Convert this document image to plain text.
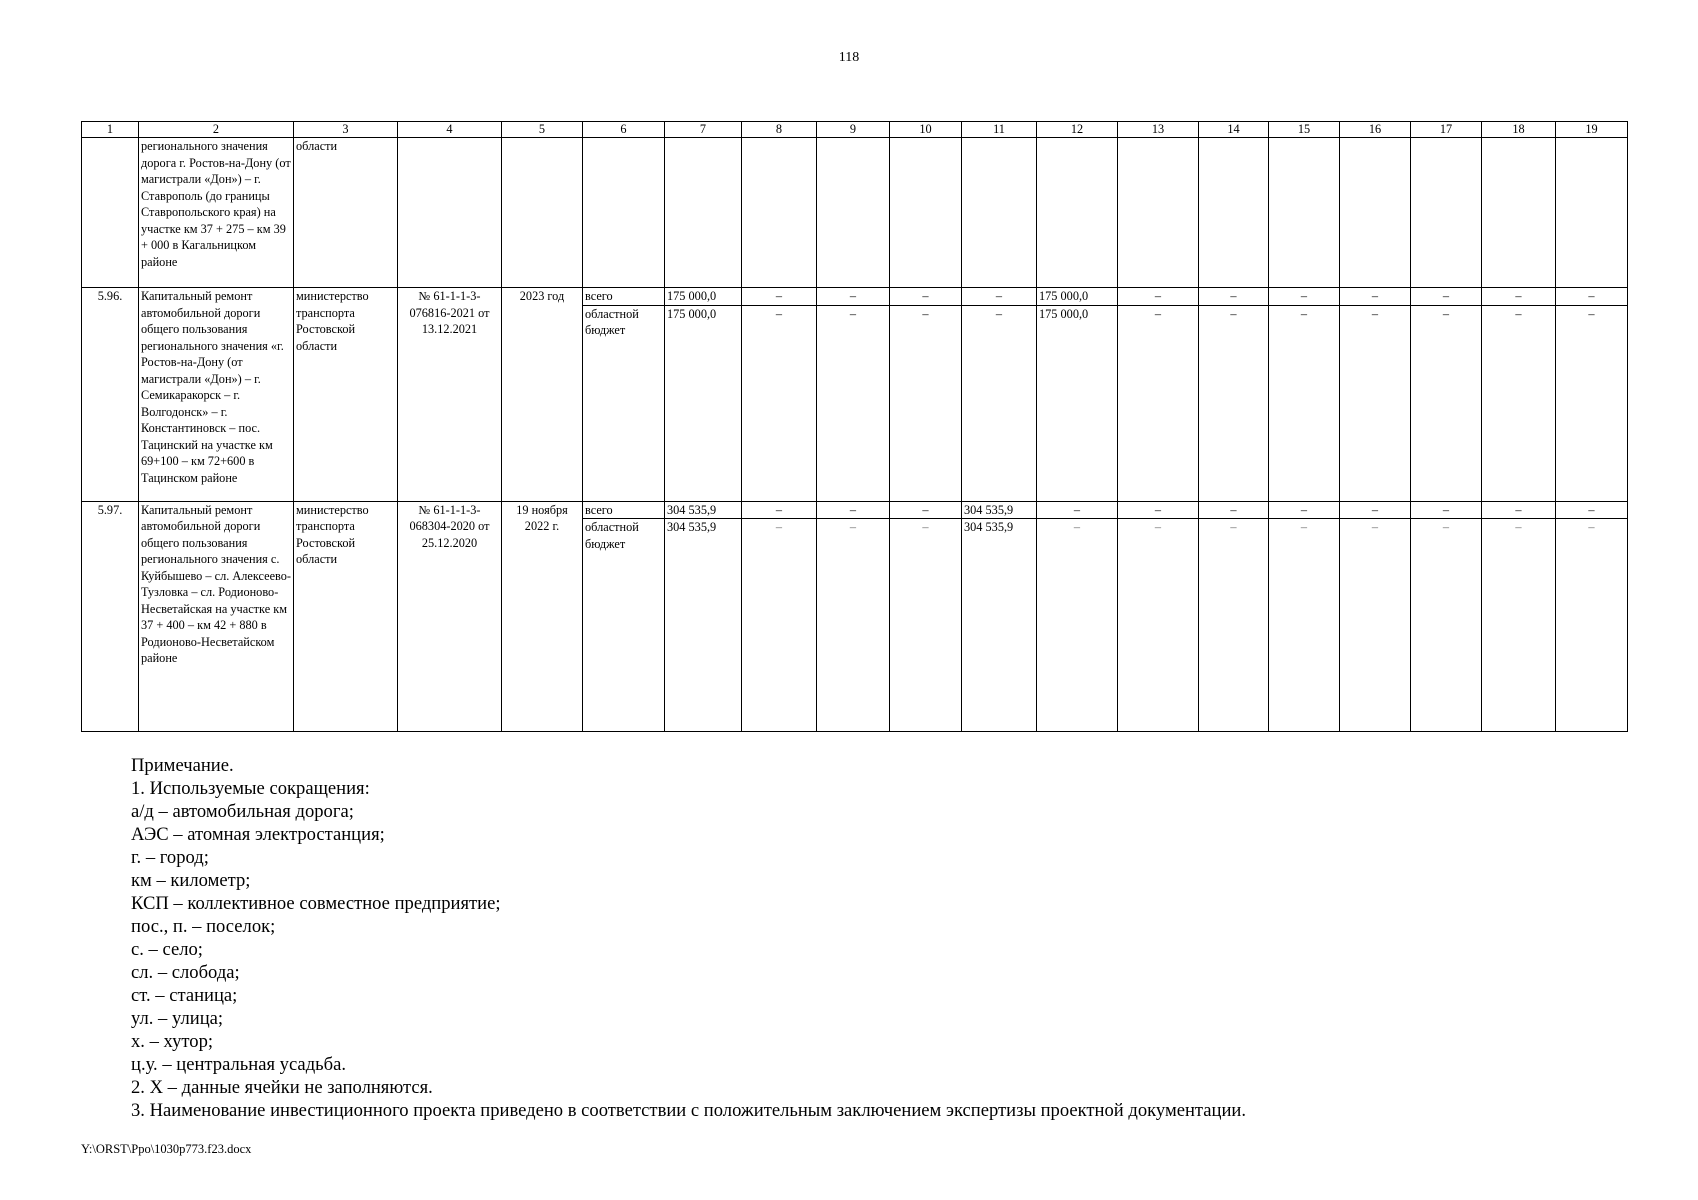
118
1	2	3	4	5	6	7	8	9	10	11	12	13	14	15	16	17	18	19
	регионального значения дорога г. Ростов-на-Дону (от магистрали «Дон») – г. Ставрополь (до границы Ставропольского края) на участке км 37 + 275 – км 39 + 000 в Кагальницком районе	области																
5.96.	Капитальный ремонт автомобильной дороги общего пользования регионального значения «г. Ростов-на-Дону (от магистрали «Дон») – г. Семикаракорск – г. Волгодонск» – г. Константиновск – пос. Тацинский на участке км 69+100 – км 72+600 в Тацинском районе	министерство транспорта Ростовской области	№ 61-1-1-3-076816-2021 от 13.12.2021	2023 год	всего	175 000,0	–	–	–	–	175 000,0	–	–	–	–	–	–	–
					областной бюджет	175 000,0	–	–	–	–	175 000,0	–	–	–	–	–	–	–
5.97.	Капитальный ремонт автомобильной дороги общего пользования регионального значения с. Куйбышево – сл. Алексеево-Тузловка – сл. Родионово-Несветайская на участке км 37 + 400 – км 42 + 880 в Родионово-Несветайском районе	министерство транспорта Ростовской области	№ 61-1-1-3-068304-2020 от 25.12.2020	19 ноября 2022 г.	всего	304 535,9	–	–	–	304 535,9	–	–	–	–	–	–	–	–
					областной бюджет	304 535,9	–	–	–	304 535,9	–	–	–	–	–	–	–	–
Примечание.
1. Используемые сокращения:
а/д – автомобильная дорога;
АЭС – атомная электростанция;
г. – город;
км – километр;
КСП – коллективное совместное предприятие;
пос., п. – поселок;
с. – село;
сл. – слобода;
ст. – станица;
ул. – улица;
х. – хутор;
ц.у. – центральная усадьба.
2. Х – данные ячейки не заполняются.
3. Наименование инвестиционного проекта приведено в соответствии с положительным заключением экспертизы проектной документации.
Y:\ORST\Ppo\1030p773.f23.docx
